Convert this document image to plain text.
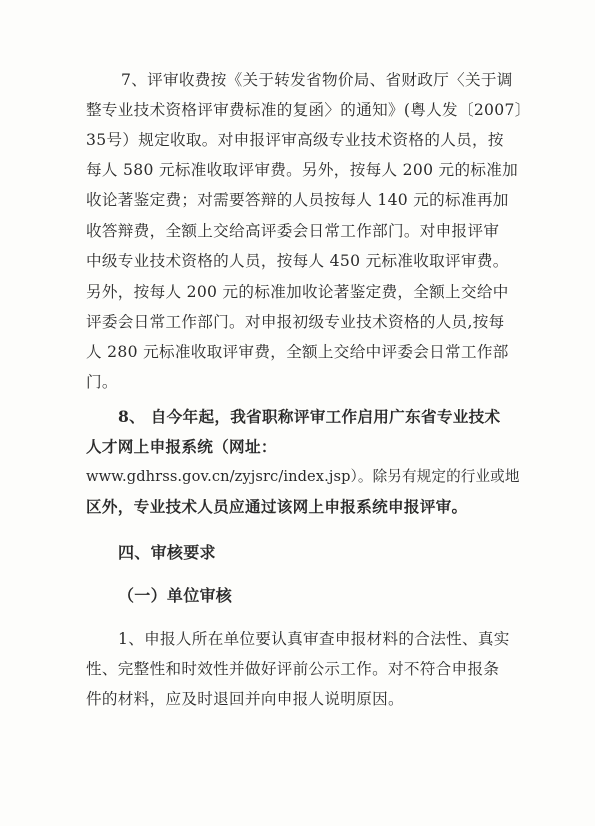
7、评审收费按《关于转发省物价局、省财政厅〈关于调
整专业技术资格评审费标准的复函〉的通知》(粤人发〔2007〕
35号）规定收取。对申报评审高级专业技术资格的人员，按
每人 580 元标准收取评审费。另外，按每人 200 元的标准加
收论著鉴定费；对需要答辩的人员按每人 140 元的标准再加
收答辩费，全额上交给高评委会日常工作部门。对申报评审
中级专业技术资格的人员，按每人 450 元标准收取评审费。
另外，按每人 200 元的标准加收论著鉴定费，全额上交给中
评委会日常工作部门。对申报初级专业技术资格的人员,按每
人 280 元标准收取评审费，全额上交给中评委会日常工作部
门。
8、 自今年起，我省职称评审工作启用广东省专业技术
人才网上申报系统（网址：
www.gdhrss.gov.cn/zyjsrc/index.jsp）。除另有规定的行业或地
区外，专业技术人员应通过该网上申报系统申报评审。
四、审核要求
（一）单位审核
1、申报人所在单位要认真审查申报材料的合法性、真实
性、完整性和时效性并做好评前公示工作。对不符合申报条
件的材料，应及时退回并向申报人说明原因。
